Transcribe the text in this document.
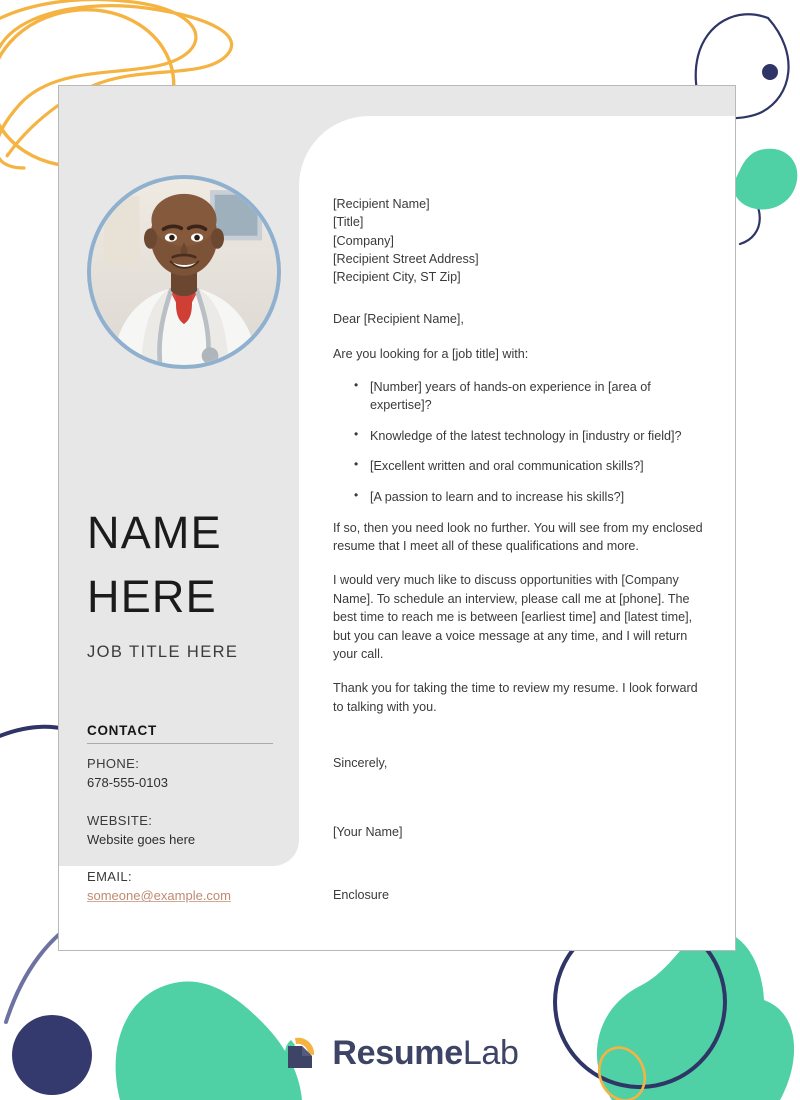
NAME
HERE
JOB TITLE HERE
CONTACT
PHONE:
678-555-0103
WEBSITE:
Website goes here
EMAIL:
someone@example.com
[Recipient Name]
[Title]
[Company]
[Recipient Street Address]
[Recipient City, ST Zip]

Dear [Recipient Name],

Are you looking for a [job title] with:

• [Number] years of hands-on experience in [area of expertise]?
• Knowledge of the latest technology in [industry or field]?
• [Excellent written and oral communication skills?]
• [A passion to learn and to increase his skills?]

If so, then you need look no further. You will see from my enclosed resume that I meet all of these qualifications and more.

I would very much like to discuss opportunities with [Company Name]. To schedule an interview, please call me at [phone]. The best time to reach me is between [earliest time] and [latest time], but you can leave a voice message at any time, and I will return your call.

Thank you for taking the time to review my resume. I look forward to talking with you.

Sincerely,

[Your Name]

Enclosure

ResumeLab
